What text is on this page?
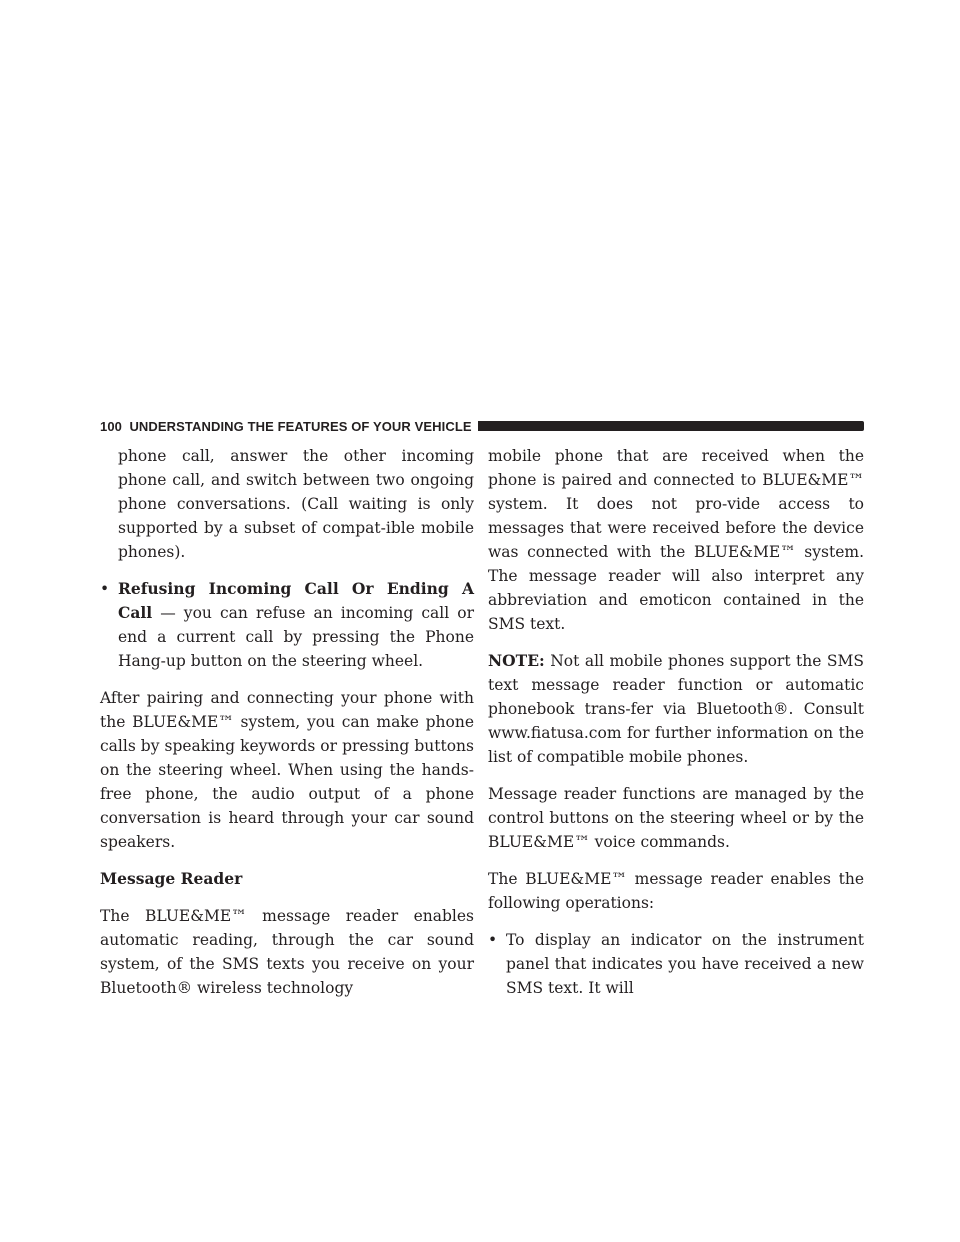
100 UNDERSTANDING THE FEATURES OF YOUR VEHICLE

phone call, answer the other incoming phone call, and switch between two ongoing phone conversations. (Call waiting is only supported by a subset of compat-ible mobile phones).

• Refusing Incoming Call Or Ending A Call — you can refuse an incoming call or end a current call by pressing the Phone Hang-up button on the steering wheel.

After pairing and connecting your phone with the BLUE&ME™ system, you can make phone calls by speaking keywords or pressing buttons on the steering wheel. When using the hands-free phone, the audio output of a phone conversation is heard through your car sound speakers.

Message Reader

The BLUE&ME™ message reader enables automatic reading, through the car sound system, of the SMS texts you receive on your Bluetooth® wireless technology

mobile phone that are received when the phone is paired and connected to BLUE&ME™ system. It does not pro-vide access to messages that were received before the device was connected with the BLUE&ME™ system. The message reader will also interpret any abbreviation and emoticon contained in the SMS text.

NOTE: Not all mobile phones support the SMS text message reader function or automatic phonebook trans-fer via Bluetooth®. Consult www.fiatusa.com for further information on the list of compatible mobile phones.

Message reader functions are managed by the control buttons on the steering wheel or by the BLUE&ME™ voice commands.

The BLUE&ME™ message reader enables the following operations:

• To display an indicator on the instrument panel that indicates you have received a new SMS text. It will
